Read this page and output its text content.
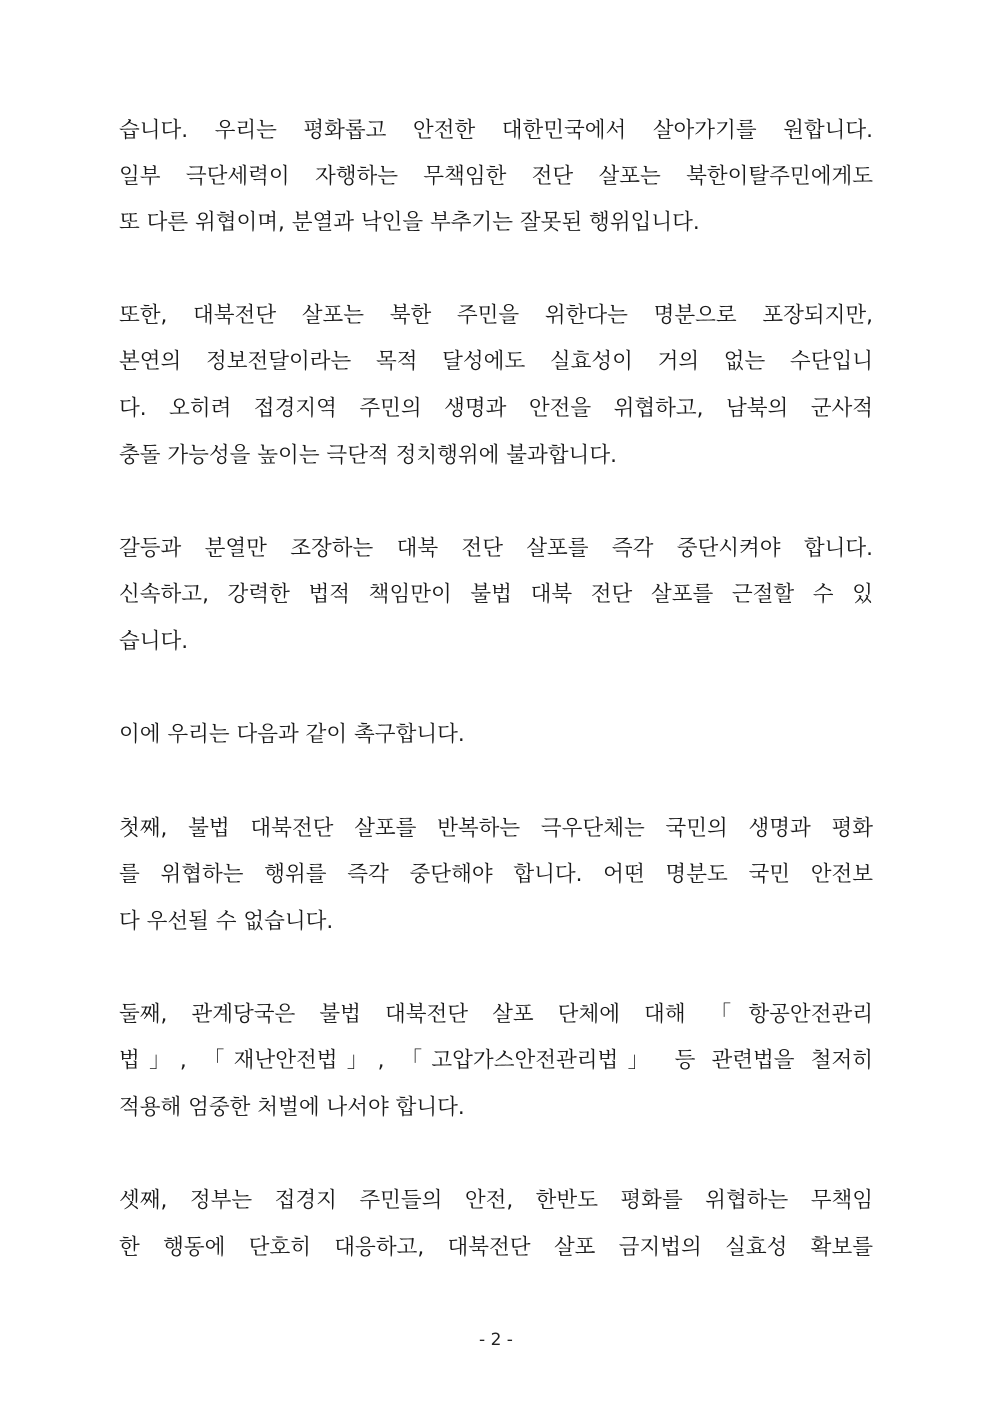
습니다. 우리는 평화롭고 안전한 대한민국에서 살아가기를 원합니다.
일부 극단세력이 자행하는 무책임한 전단 살포는 북한이탈주민에게도
또 다른 위협이며, 분열과 낙인을 부추기는 잘못된 행위입니다.
또한, 대북전단 살포는 북한 주민을 위한다는 명분으로 포장되지만,
본연의 정보전달이라는 목적 달성에도 실효성이 거의 없는 수단입니
다. 오히려 접경지역 주민의 생명과 안전을 위협하고, 남북의 군사적
충돌 가능성을 높이는 극단적 정치행위에 불과합니다.
갈등과 분열만 조장하는 대북 전단 살포를 즉각 중단시켜야 합니다.
신속하고, 강력한 법적 책임만이 불법 대북 전단 살포를 근절할 수 있
습니다.
이에 우리는 다음과 같이 촉구합니다.
첫째, 불법 대북전단 살포를 반복하는 극우단체는 국민의 생명과 평화
를 위협하는 행위를 즉각 중단해야 합니다. 어떤 명분도 국민 안전보
다 우선될 수 없습니다.
둘째, 관계당국은 불법 대북전단 살포 단체에 대해 「항공안전관리
법」, 「재난안전법」, 「고압가스안전관리법」 등 관련법을 철저히
적용해 엄중한 처벌에 나서야 합니다.
셋째, 정부는 접경지 주민들의 안전, 한반도 평화를 위협하는 무책임
한 행동에 단호히 대응하고, 대북전단 살포 금지법의 실효성 확보를
- 2 -
